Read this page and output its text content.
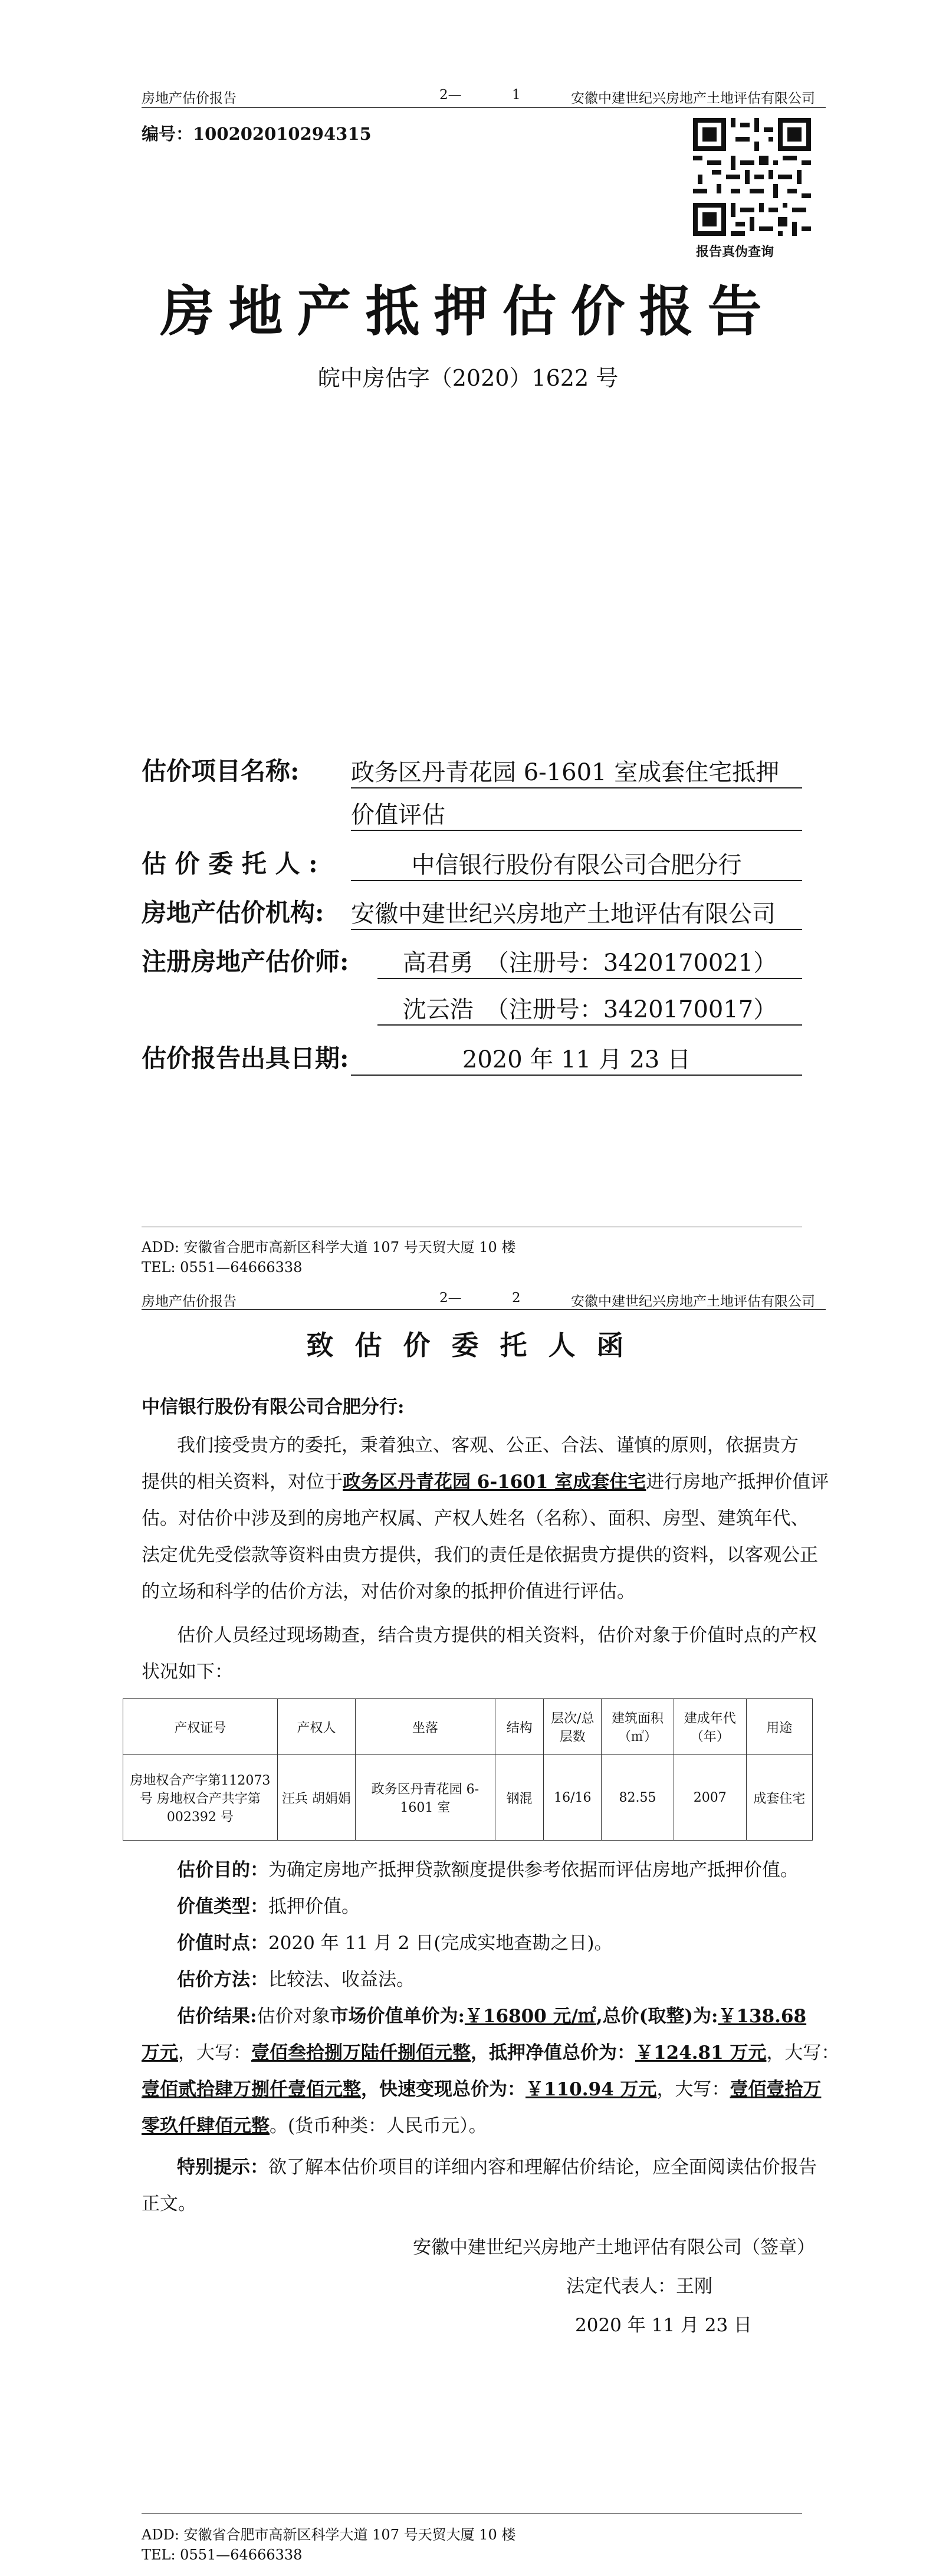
房地产估价报告	2—	1	安徽中建世纪兴房地产土地评估有限公司
编号：100202010294315
报告真伪查询
房地产抵押估价报告
皖中房估字（2020）1622 号
估价项目名称: 政务区丹青花园 6-1601 室成套住宅抵押
价值评估
估 价 委 托 人 :	中信银行股份有限公司合肥分行
房地产估价机构: 安徽中建世纪兴房地产土地评估有限公司
注册房地产估价师:	高君勇　（注册号：3420170021）
沈云浩　（注册号：3420170017）
估价报告出具日期:	2020 年 11 月 23 日
ADD: 安徽省合肥市高新区科学大道 107 号天贸大厦 10 楼
TEL: 0551—64666338
房地产估价报告	2—	2	安徽中建世纪兴房地产土地评估有限公司
致 估 价 委 托 人 函
中信银行股份有限公司合肥分行:
我们接受贵方的委托，秉着独立、客观、公正、合法、谨慎的原则，依据贵方
提供的相关资料，对位于政务区丹青花园 6-1601 室成套住宅进行房地产抵押价值评
估。对估价中涉及到的房地产权属、产权人姓名（名称）、面积、房型、建筑年代、
法定优先受偿款等资料由贵方提供，我们的责任是依据贵方提供的资料，以客观公正
的立场和科学的估价方法，对估价对象的抵押价值进行评估。
估价人员经过现场勘查，结合贵方提供的相关资料，估价对象于价值时点的产权
状况如下：
产权证号	产权人	坐落	结构	层次/总层数	建筑面积（㎡）	建成年代（年）	用途
房地权合产字第112073 号 房地权合产共字第002392 号	汪兵 胡娟娟	政务区丹青花园 6-1601 室	钢混	16/16	82.55	2007	成套住宅
估价目的：为确定房地产抵押贷款额度提供参考依据而评估房地产抵押价值。
价值类型：抵押价值。
价值时点：2020 年 11 月 2 日(完成实地查勘之日)。
估价方法：比较法、收益法。
估价结果:估价对象市场价值单价为:￥16800 元/㎡,总价(取整)为:￥138.68
万元，大写：壹佰叁拾捌万陆仟捌佰元整，抵押净值总价为：￥124.81 万元，大写：
壹佰贰拾肆万捌仟壹佰元整，快速变现总价为：￥110.94 万元，大写：壹佰壹拾万
零玖仟肆佰元整。(货币种类：人民币元）。
特别提示：欲了解本估价项目的详细内容和理解估价结论，应全面阅读估价报告
正文。
安徽中建世纪兴房地产土地评估有限公司（签章）
法定代表人：王刚
2020 年 11 月 23 日
ADD: 安徽省合肥市高新区科学大道 107 号天贸大厦 10 楼
TEL: 0551—64666338
